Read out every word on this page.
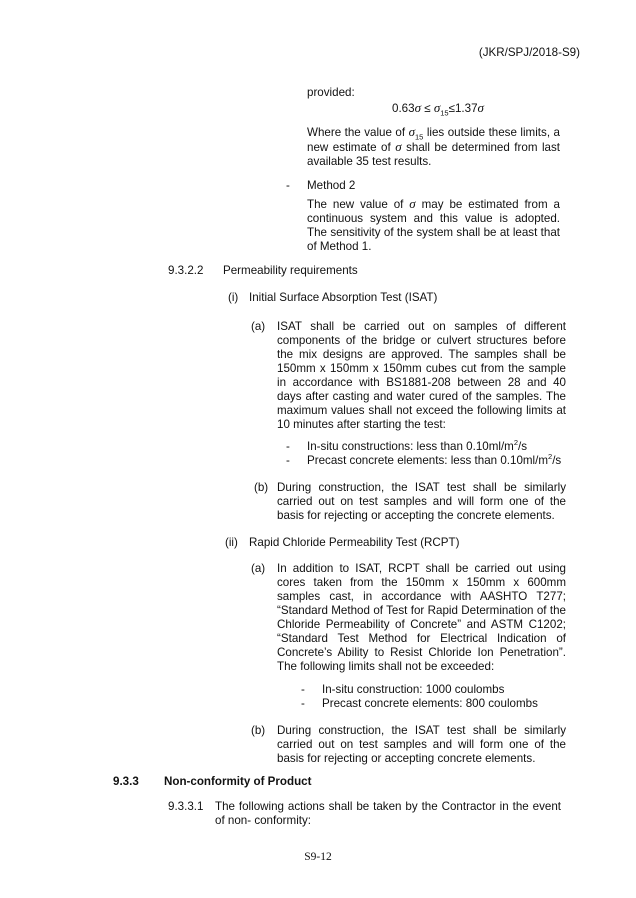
(JKR/SPJ/2018-S9)
provided:
$0.63\sigma \le \sigma_{15}\le 1.37\sigma$
Where the value of $\sigma_{15}$ lies outside these limits, a new estimate of σ shall be determined from last available 35 test results.
- Method 2
The new value of σ may be estimated from a continuous system and this value is adopted. The sensitivity of the system shall be at least that of Method 1.
9.3.2.2 Permeability requirements
(i) Initial Surface Absorption Test (ISAT)
(a) ISAT shall be carried out on samples of different components of the bridge or culvert structures before the mix designs are approved. The samples shall be 150mm x 150mm x 150mm cubes cut from the sample in accordance with BS1881-208 between 28 and 40 days after casting and water cured of the samples. The maximum values shall not exceed the following limits at 10 minutes after starting the test:
- In-situ constructions: less than $0.10ml/m^2/s$
- Precast concrete elements: less than $0.10ml/m^2/s$
(b) During construction, the ISAT test shall be similarly carried out on test samples and will form one of the basis for rejecting or accepting the concrete elements.
(ii) Rapid Chloride Permeability Test (RCPT)
(a) In addition to ISAT, RCPT shall be carried out using cores taken from the 150mm x 150mm x 600mm samples cast, in accordance with AASHTO T277; “Standard Method of Test for Rapid Determination of the Chloride Permeability of Concrete” and ASTM C1202; “Standard Test Method for Electrical Indication of Concrete’s Ability to Resist Chloride Ion Penetration”. The following limits shall not be exceeded:
- In-situ construction: 1000 coulombs
- Precast concrete elements: 800 coulombs
(b) During construction, the ISAT test shall be similarly carried out on test samples and will form one of the basis for rejecting or accepting concrete elements.
9.3.3 Non-conformity of Product
9.3.3.1 The following actions shall be taken by the Contractor in the event of non- conformity:
S9-12
